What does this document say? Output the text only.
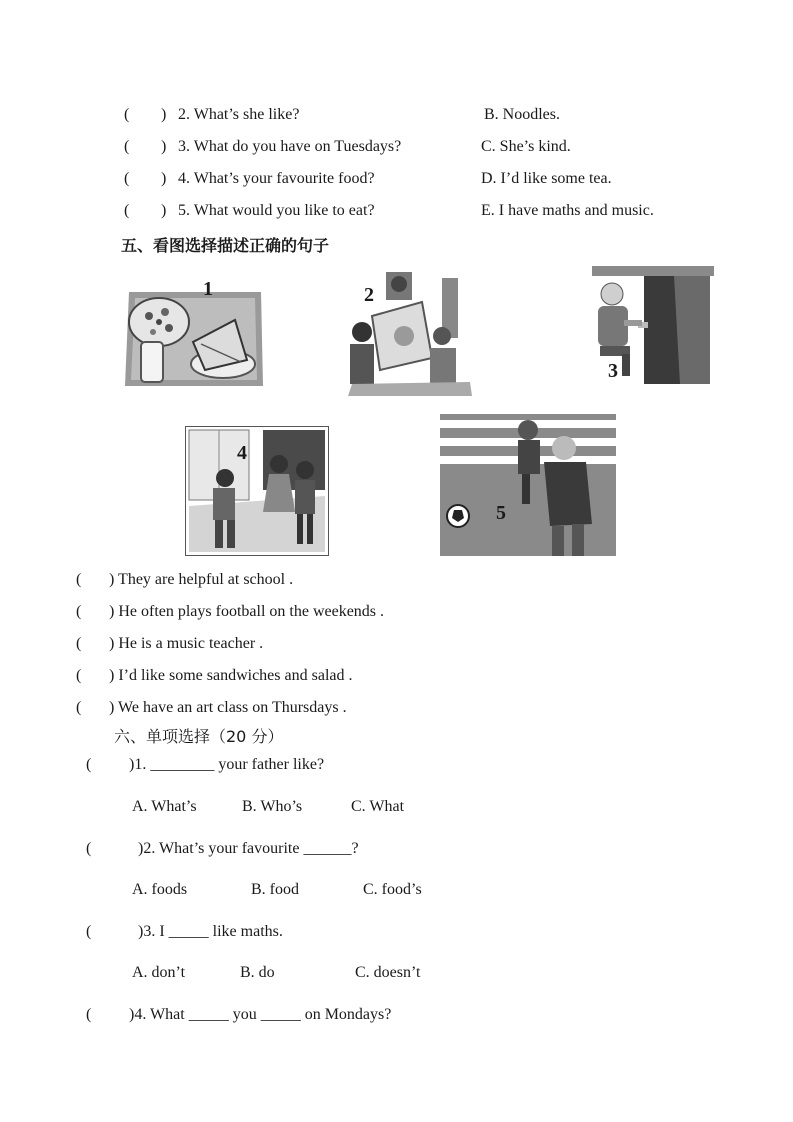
( ) 2. What’s she like?	B. Noodles.
( ) 3. What do you have on Tuesdays?	C. She’s kind.
( ) 4. What’s your favourite food?	D. I’d like some tea.
( ) 5. What would you like to eat?	E. I have maths and music.
五、看图选择描述正确的句子
1	2
3
4
5
( ) They are helpful at school .
( ) He often plays football on the weekends .
( ) He is a music teacher .
( ) I’d like some sandwiches and salad .
( ) We have an art class on Thursdays .
六、单项选择（20 分）
( )1. ________ your father like?
A. What’s	B. Who’s	C. What
(	)2. What’s your favourite ______?
A. foods	B. food	C. food’s
(	)3. I _____ like maths.
A. don’t	B. do	C. doesn’t
( )4. What _____ you _____ on Mondays?
